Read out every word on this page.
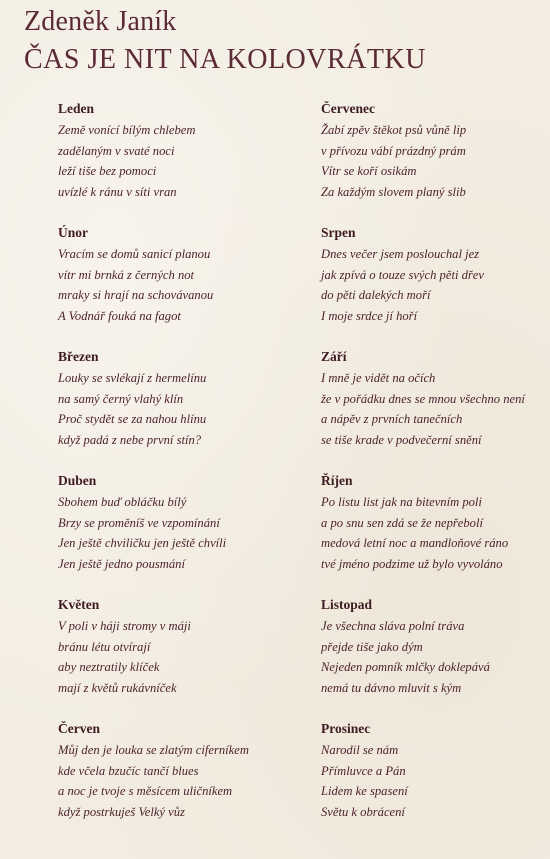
Zdeněk Janík
ČAS JE NIT NA KOLOVRÁTKU
Leden
Země vonící bílým chlebem
zadělaným v svaté noci
leží tiše bez pomoci
uvízlé k ránu v síti vran
Únor
Vracím se domů sanicí planou
vítr mi brnká z černých not
mraky si hrají na schovávanou
A Vodnář fouká na fagot
Březen
Louky se svlékají z hermelínu
na samý černý vlahý klín
Proč stydět se za nahou hlínu
když padá z nebe první stín?
Duben
Sbohem buď obláčku bílý
Brzy se proměníš ve vzpomínání
Jen ještě chviličku jen ještě chvíli
Jen ještě jedno pousmání
Květen
V poli v háji stromy v máji
bránu létu otvírají
aby neztratily klíček
mají z květů rukávníček
Červen
Můj den je louka se zlatým ciferníkem
kde včela bzučíc tančí blues
a noc je tvoje s měsícem uličníkem
když postrkuješ Velký vůz
Červenec
Žabí zpěv štěkot psů vůně lip
v přívozu vábí prázdný prám
Vítr se koří osikám
Za každým slovem planý slib
Srpen
Dnes večer jsem poslouchal jez
jak zpívá o touze svých pěti dřev
do pěti dalekých moří
I moje srdce jí hoří
Září
I mně je vidět na očích
že v pořádku dnes se mnou všechno není
a nápěv z prvních tanečních
se tiše krade v podvečerní snění
Říjen
Po listu list jak na bitevním poli
a po snu sen zdá se že nepřebolí
medová letní noc a mandloňové ráno
tvé jméno podzime už bylo vyvoláno
Listopad
Je všechna sláva polní tráva
přejde tiše jako dým
Nejeden pomník mlčky doklepává
nemá tu dávno mluvit s kým
Prosinec
Narodil se nám
Přímluvce a Pán
Lidem ke spasení
Světu k obrácení
